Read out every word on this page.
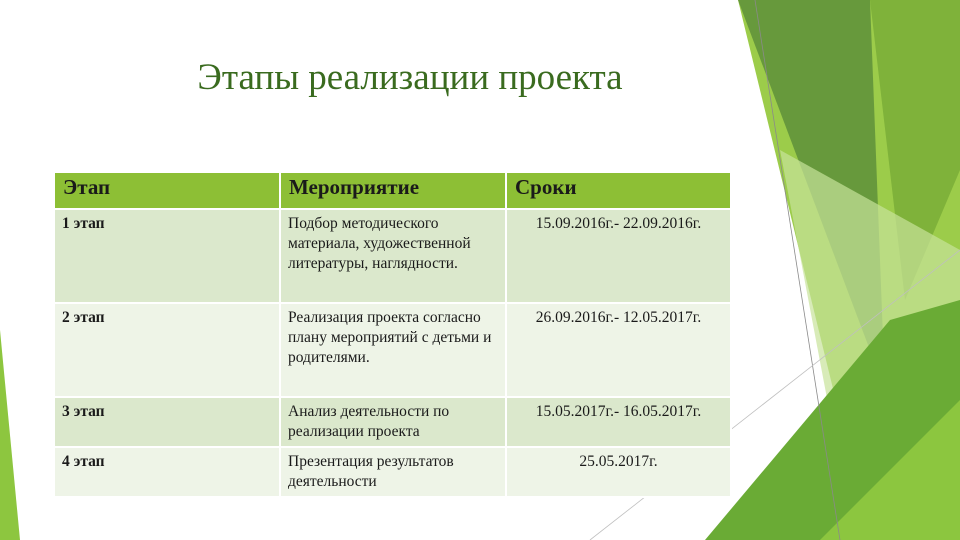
Этапы реализации проекта
Этап	Мероприятие	Сроки
1 этап	Подбор методического материала, художественной литературы, наглядности.	15.09.2016г.- 22.09.2016г.
2 этап	Реализация проекта согласно плану мероприятий с детьми и родителями.	26.09.2016г.- 12.05.2017г.
3 этап	Анализ деятельности по реализации проекта	15.05.2017г.- 16.05.2017г.
4 этап	Презентация результатов деятельности	25.05.2017г.
